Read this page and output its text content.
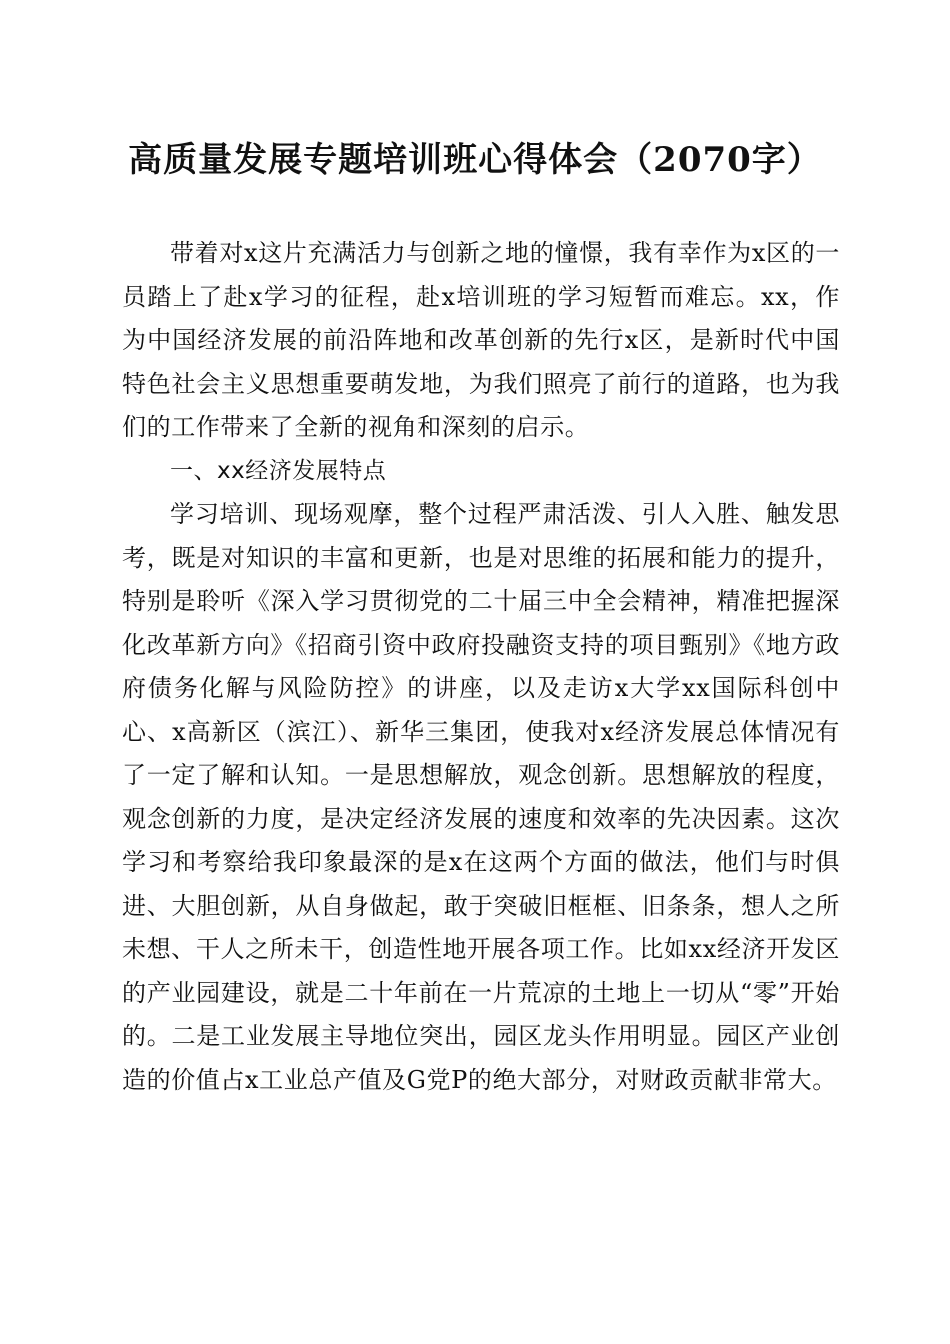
高质量发展专题培训班心得体会（2070字）

带着对x这片充满活力与创新之地的憧憬，我有幸作为x区的一员踏上了赴x学习的征程，赴x培训班的学习短暂而难忘。xx，作为中国经济发展的前沿阵地和改革创新的先行x区，是新时代中国特色社会主义思想重要萌发地，为我们照亮了前行的道路，也为我们的工作带来了全新的视角和深刻的启示。

一、xx经济发展特点

学习培训、现场观摩，整个过程严肃活泼、引人入胜、触发思考，既是对知识的丰富和更新，也是对思维的拓展和能力的提升，特别是聆听《深入学习贯彻党的二十届三中全会精神，精准把握深化改革新方向》《招商引资中政府投融资支持的项目甄别》《地方政府债务化解与风险防控》的讲座，以及走访x大学xx国际科创中心、x高新区（滨江）、新华三集团，使我对x经济发展总体情况有了一定了解和认知。一是思想解放，观念创新。思想解放的程度，观念创新的力度，是决定经济发展的速度和效率的先决因素。这次学习和考察给我印象最深的是x在这两个方面的做法，他们与时俱进、大胆创新，从自身做起，敢于突破旧框框、旧条条，想人之所未想、干人之所未干，创造性地开展各项工作。比如xx经济开发区的产业园建设，就是二十年前在一片荒凉的土地上一切从“零”开始的。二是工业发展主导地位突出，园区龙头作用明显。园区产业创造的价值占x工业总产值及G党P的绝大部分，对财政贡献非常大。
